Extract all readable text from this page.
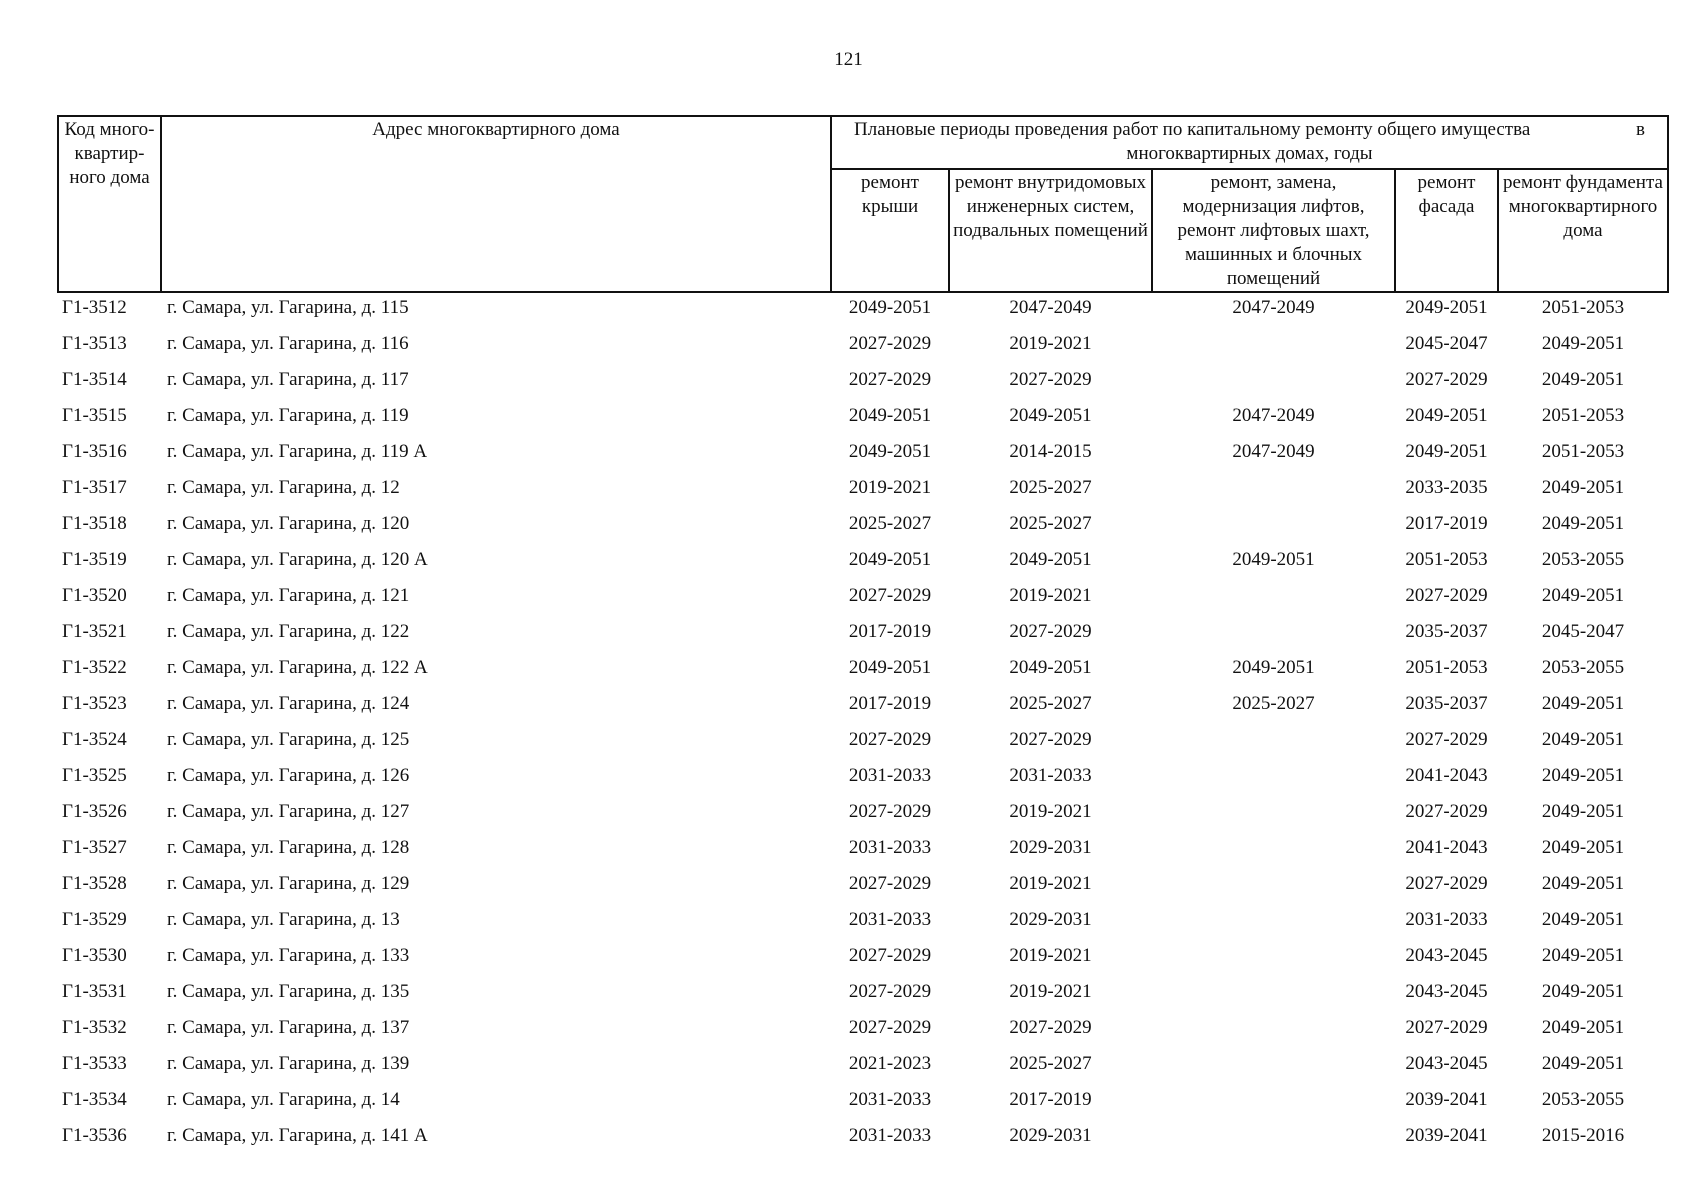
121
Код много-квартир-ного дома	Адрес многоквартирного дома	Плановые периоды проведения работ по капитальному ремонту общего имущества в
многоквартирных домах, годы				

		ремонт крыши	ремонт внутридомовых инженерных систем, подвальных помещений	ремонт, замена, модернизация лифтов, ремонт лифтовых шахт, машинных и блочных помещений	ремонт фасада	ремонт фундамента многоквартирного дома
Г1-3512	г. Самара, ул. Гагарина, д. 115	2049-2051	2047-2049	2047-2049	2049-2051	2051-2053
Г1-3513	г. Самара, ул. Гагарина, д. 116	2027-2029	2019-2021		2045-2047	2049-2051
Г1-3514	г. Самара, ул. Гагарина, д. 117	2027-2029	2027-2029		2027-2029	2049-2051
Г1-3515	г. Самара, ул. Гагарина, д. 119	2049-2051	2049-2051	2047-2049	2049-2051	2051-2053
Г1-3516	г. Самара, ул. Гагарина, д. 119 А	2049-2051	2014-2015	2047-2049	2049-2051	2051-2053
Г1-3517	г. Самара, ул. Гагарина, д. 12	2019-2021	2025-2027		2033-2035	2049-2051
Г1-3518	г. Самара, ул. Гагарина, д. 120	2025-2027	2025-2027		2017-2019	2049-2051
Г1-3519	г. Самара, ул. Гагарина, д. 120 А	2049-2051	2049-2051	2049-2051	2051-2053	2053-2055
Г1-3520	г. Самара, ул. Гагарина, д. 121	2027-2029	2019-2021		2027-2029	2049-2051
Г1-3521	г. Самара, ул. Гагарина, д. 122	2017-2019	2027-2029		2035-2037	2045-2047
Г1-3522	г. Самара, ул. Гагарина, д. 122 А	2049-2051	2049-2051	2049-2051	2051-2053	2053-2055
Г1-3523	г. Самара, ул. Гагарина, д. 124	2017-2019	2025-2027	2025-2027	2035-2037	2049-2051
Г1-3524	г. Самара, ул. Гагарина, д. 125	2027-2029	2027-2029		2027-2029	2049-2051
Г1-3525	г. Самара, ул. Гагарина, д. 126	2031-2033	2031-2033		2041-2043	2049-2051
Г1-3526	г. Самара, ул. Гагарина, д. 127	2027-2029	2019-2021		2027-2029	2049-2051
Г1-3527	г. Самара, ул. Гагарина, д. 128	2031-2033	2029-2031		2041-2043	2049-2051
Г1-3528	г. Самара, ул. Гагарина, д. 129	2027-2029	2019-2021		2027-2029	2049-2051
Г1-3529	г. Самара, ул. Гагарина, д. 13	2031-2033	2029-2031		2031-2033	2049-2051
Г1-3530	г. Самара, ул. Гагарина, д. 133	2027-2029	2019-2021		2043-2045	2049-2051
Г1-3531	г. Самара, ул. Гагарина, д. 135	2027-2029	2019-2021		2043-2045	2049-2051
Г1-3532	г. Самара, ул. Гагарина, д. 137	2027-2029	2027-2029		2027-2029	2049-2051
Г1-3533	г. Самара, ул. Гагарина, д. 139	2021-2023	2025-2027		2043-2045	2049-2051
Г1-3534	г. Самара, ул. Гагарина, д. 14	2031-2033	2017-2019		2039-2041	2053-2055
Г1-3536	г. Самара, ул. Гагарина, д. 141 А	2031-2033	2029-2031		2039-2041	2015-2016
